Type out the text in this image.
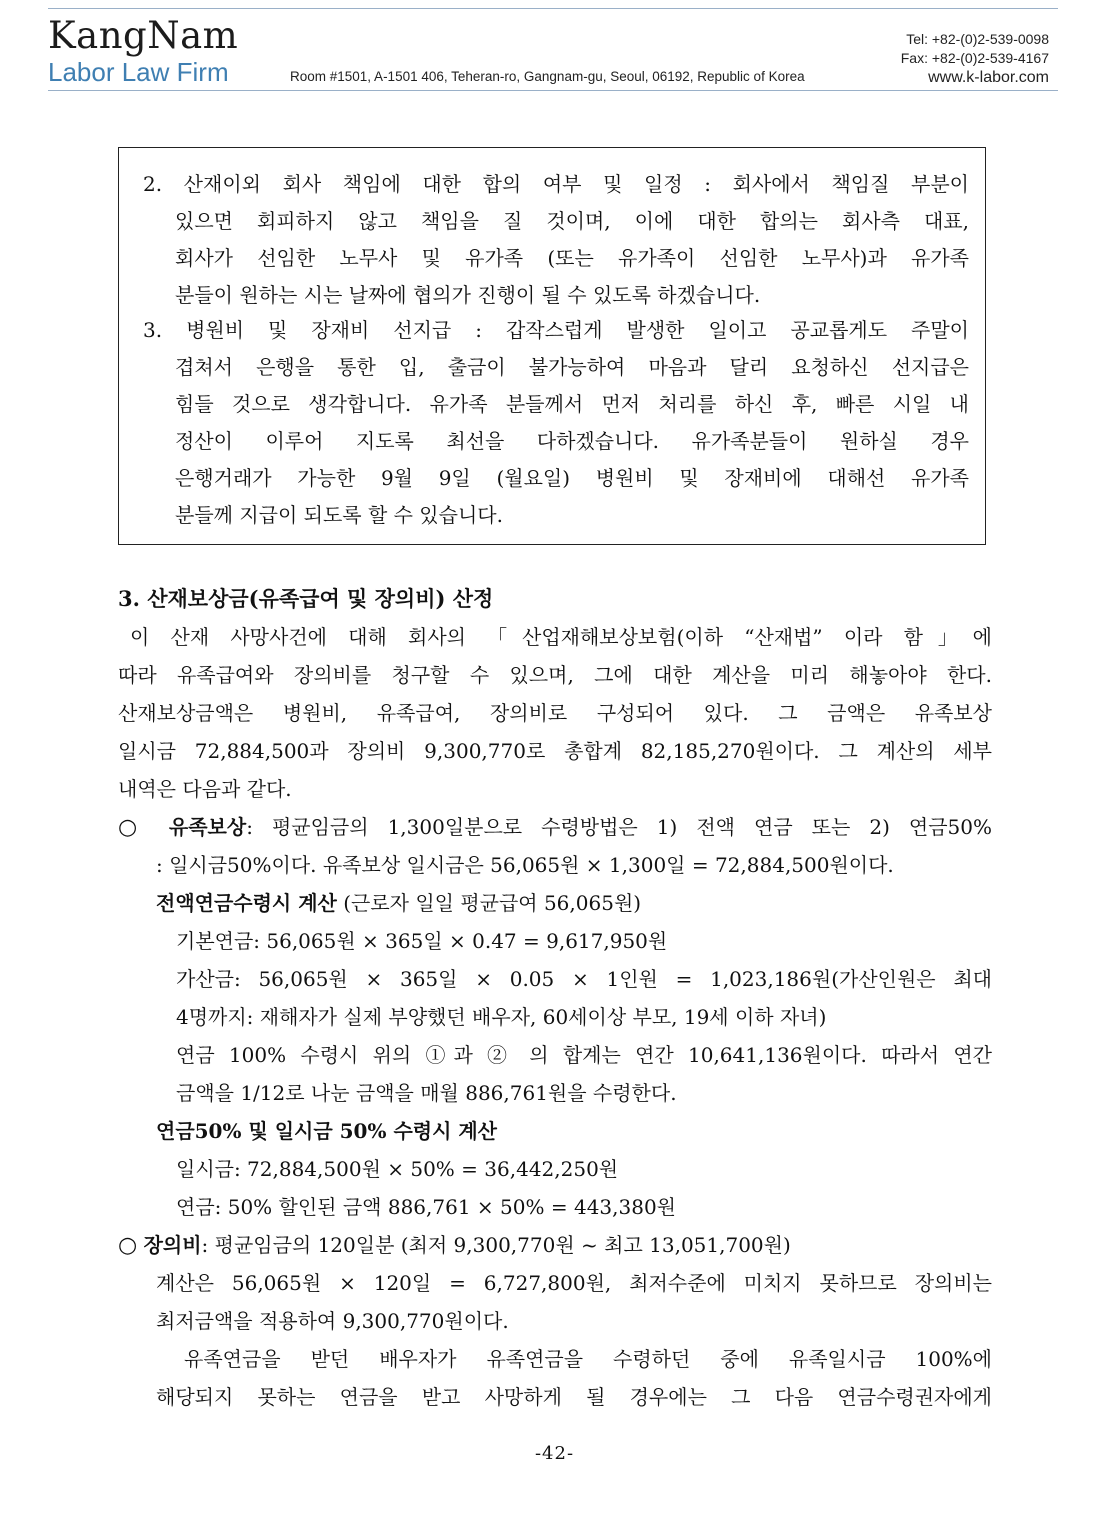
KangNam
Labor Law Firm	Room #1501, A-1501 406, Teheran-ro, Gangnam-gu, Seoul, 06192, Republic of Korea
Tel: +82-(0)2-539-0098
Fax: +82-(0)2-539-4167
www.k-labor.com
2. 산재이외 회사 책임에 대한 합의 여부 및 일정 : 회사에서 책임질 부분이
있으면 회피하지 않고 책임을 질 것이며, 이에 대한 합의는 회사측 대표,
회사가 선임한 노무사 및 유가족 (또는 유가족이 선임한 노무사)과 유가족
분들이 원하는 시는 날짜에 협의가 진행이 될 수 있도록 하겠습니다.
3. 병원비 및 장재비 선지급 : 갑작스럽게 발생한 일이고 공교롭게도 주말이
겹쳐서 은행을 통한 입, 출금이 불가능하여 마음과 달리 요청하신 선지급은
힘들 것으로 생각합니다. 유가족 분들께서 먼저 처리를 하신 후, 빠른 시일 내
정산이 이루어 지도록 최선을 다하겠습니다. 유가족분들이 원하실 경우
은행거래가 가능한 9월 9일 (월요일) 병원비 및 장재비에 대해선 유가족
분들께 지급이 되도록 할 수 있습니다.
3. 산재보상금(유족급여 및 장의비) 산정
이 산재 사망사건에 대해 회사의 「산업재해보상보험(이하 “산재법” 이라 함」에
따라 유족급여와 장의비를 청구할 수 있으며, 그에 대한 계산을 미리 해놓아야 한다.
산재보상금액은 병원비, 유족급여, 장의비로 구성되어 있다. 그 금액은 유족보상
일시금 72,884,500과 장의비 9,300,770로 총합계 82,185,270원이다. 그 계산의 세부
내역은 다음과 같다.
○ 유족보상: 평균임금의 1,300일분으로 수령방법은 1) 전액 연금 또는 2) 연금50%
: 일시금50%이다. 유족보상 일시금은 56,065원 × 1,300일 = 72,884,500원이다.
전액연금수령시 계산 (근로자 일일 평균급여 56,065원)
기본연금: 56,065원 × 365일 × 0.47 = 9,617,950원
가산금: 56,065원 × 365일 × 0.05 × 1인원 = 1,023,186원(가산인원은 최대
4명까지: 재해자가 실제 부양했던 배우자, 60세이상 부모, 19세 이하 자녀)
연금 100% 수령시 위의 ①과 ② 의 합계는 연간 10,641,136원이다. 따라서 연간
금액을 1/12로 나눈 금액을 매월 886,761원을 수령한다.
연금50% 및 일시금 50% 수령시 계산
일시금: 72,884,500원 × 50% = 36,442,250원
연금: 50% 할인된 금액 886,761 × 50% = 443,380원
○ 장의비: 평균임금의 120일분 (최저 9,300,770원 ~ 최고 13,051,700원)
계산은 56,065원 × 120일 = 6,727,800원, 최저수준에 미치지 못하므로 장의비는
최저금액을 적용하여 9,300,770원이다.
유족연금을 받던 배우자가 유족연금을 수령하던 중에 유족일시금 100%에
해당되지 못하는 연금을 받고 사망하게 될 경우에는 그 다음 연금수령권자에게
-42-
